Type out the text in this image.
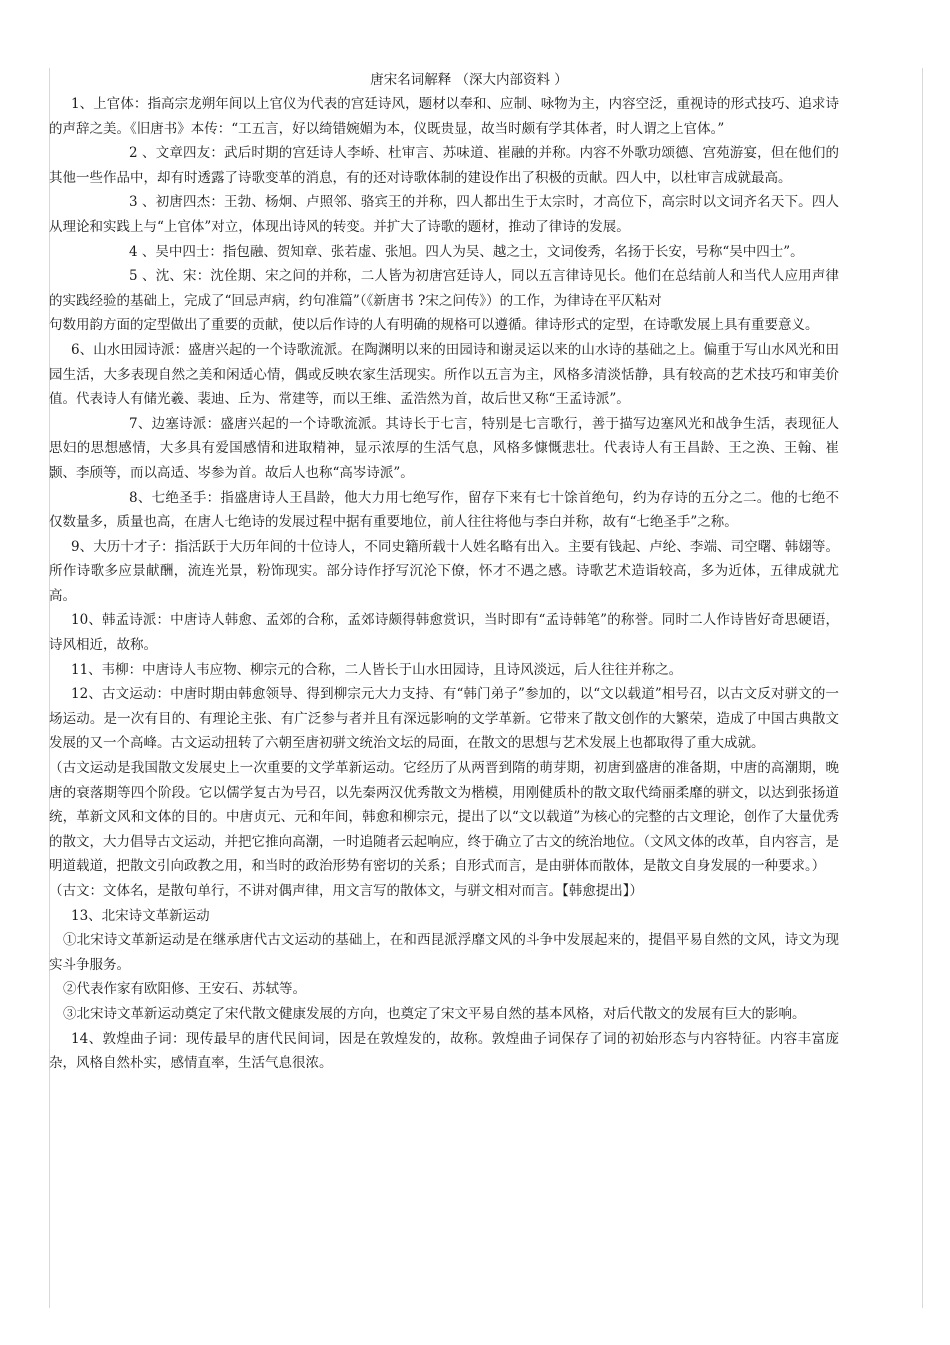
唐宋名词解释 （深大内部资料 ）
1、上官体：指高宗龙朔年间以上官仪为代表的宫廷诗风，题材以奉和、应制、咏物为主，内容空泛，重视诗的形式技巧、追求诗的声辞之美。《旧唐书》本传：“工五言，好以绮错婉媚为本，仪既贵显，故当时颇有学其体者，时人谓之上官体。”
2 、文章四友：武后时期的宫廷诗人李峤、杜审言、苏味道、崔融的并称。内容不外歌功颂德、宫苑游宴，但在他们的其他一些作品中，却有时透露了诗歌变革的消息，有的还对诗歌体制的建设作出了积极的贡献。四人中，以杜审言成就最高。
3 、初唐四杰：王勃、杨炯、卢照邻、骆宾王的并称，四人都出生于太宗时，才高位下，高宗时以文词齐名天下。四人从理论和实践上与“上官体”对立，体现出诗风的转变。并扩大了诗歌的题材，推动了律诗的发展。
4 、吴中四士：指包融、贺知章、张若虚、张旭。四人为吴、越之士，文词俊秀，名扬于长安，号称“吴中四士”。
5 、沈、宋：沈佺期、宋之问的并称，二人皆为初唐宫廷诗人，同以五言律诗见长。他们在总结前人和当代人应用声律的实践经验的基础上，完成了“回忌声病，约句准篇”（《新唐书 ?宋之问传》）的工作，为律诗在平仄粘对
句数用韵方面的定型做出了重要的贡献，使以后作诗的人有明确的规格可以遵循。律诗形式的定型，在诗歌发展上具有重要意义。
6、山水田园诗派：盛唐兴起的一个诗歌流派。在陶渊明以来的田园诗和谢灵运以来的山水诗的基础之上。偏重于写山水风光和田园生活，大多表现自然之美和闲适心情，偶或反映农家生活现实。所作以五言为主，风格多清淡恬静，具有较高的艺术技巧和审美价值。代表诗人有储光羲、裴迪、丘为、常建等，而以王维、孟浩然为首，故后世又称“王孟诗派”。
7、边塞诗派：盛唐兴起的一个诗歌流派。其诗长于七言，特别是七言歌行，善于描写边塞风光和战争生活，表现征人思妇的思想感情，大多具有爱国感情和进取精神，显示浓厚的生活气息，风格多慷慨悲壮。代表诗人有王昌龄、王之涣、王翰、崔颢、李颀等，而以高适、岑参为首。故后人也称“高岑诗派”。
8、七绝圣手：指盛唐诗人王昌龄，他大力用七绝写作，留存下来有七十馀首绝句，约为存诗的五分之二。他的七绝不仅数量多，质量也高，在唐人七绝诗的发展过程中据有重要地位，前人往往将他与李白并称，故有“七绝圣手”之称。
9、大历十才子：指活跃于大历年间的十位诗人，不同史籍所载十人姓名略有出入。主要有钱起、卢纶、李端、司空曙、韩翃等。所作诗歌多应景献酬，流连光景，粉饰现实。部分诗作抒写沉沦下僚，怀才不遇之感。诗歌艺术造诣较高，多为近体，五律成就尤高。
10、韩孟诗派：中唐诗人韩愈、孟郊的合称，孟郊诗颇得韩愈赏识，当时即有“孟诗韩笔”的称誉。同时二人作诗皆好奇思硬语，诗风相近，故称。
11、韦柳：中唐诗人韦应物、柳宗元的合称，二人皆长于山水田园诗，且诗风淡远，后人往往并称之。
12、古文运动：中唐时期由韩愈领导、得到柳宗元大力支持、有“韩门弟子”参加的，以“文以载道”相号召，以古文反对骈文的一场运动。是一次有目的、有理论主张、有广泛参与者并且有深远影响的文学革新。它带来了散文创作的大繁荣，造成了中国古典散文发展的又一个高峰。古文运动扭转了六朝至唐初骈文统治文坛的局面，在散文的思想与艺术发展上也都取得了重大成就。
（古文运动是我国散文发展史上一次重要的文学革新运动。它经历了从两晋到隋的萌芽期，初唐到盛唐的准备期，中唐的高潮期，晚唐的衰落期等四个阶段。它以儒学复古为号召，以先秦两汉优秀散文为楷模，用刚健质朴的散文取代绮丽柔靡的骈文，以达到张扬道统，革新文风和文体的目的。中唐贞元、元和年间，韩愈和柳宗元，提出了以“文以载道”为核心的完整的古文理论，创作了大量优秀的散文，大力倡导古文运动，并把它推向高潮，一时追随者云起响应，终于确立了古文的统治地位。（文风文体的改革，自内容言，是明道载道，把散文引向政教之用，和当时的政治形势有密切的关系；自形式而言，是由骈体而散体，是散文自身发展的一种要求。）
（古文：文体名，是散句单行，不讲对偶声律，用文言写的散体文，与骈文相对而言。【韩愈提出】）
13、北宋诗文革新运动
①北宋诗文革新运动是在继承唐代古文运动的基础上，在和西昆派浮靡文风的斗争中发展起来的，提倡平易自然的文风，诗文为现实斗争服务。
②代表作家有欧阳修、王安石、苏轼等。
③北宋诗文革新运动奠定了宋代散文健康发展的方向，也奠定了宋文平易自然的基本风格，对后代散文的发展有巨大的影响。
14、敦煌曲子词：现传最早的唐代民间词，因是在敦煌发的，故称。敦煌曲子词保存了词的初始形态与内容特征。内容丰富庞杂，风格自然朴实，感情直率，生活气息很浓。
